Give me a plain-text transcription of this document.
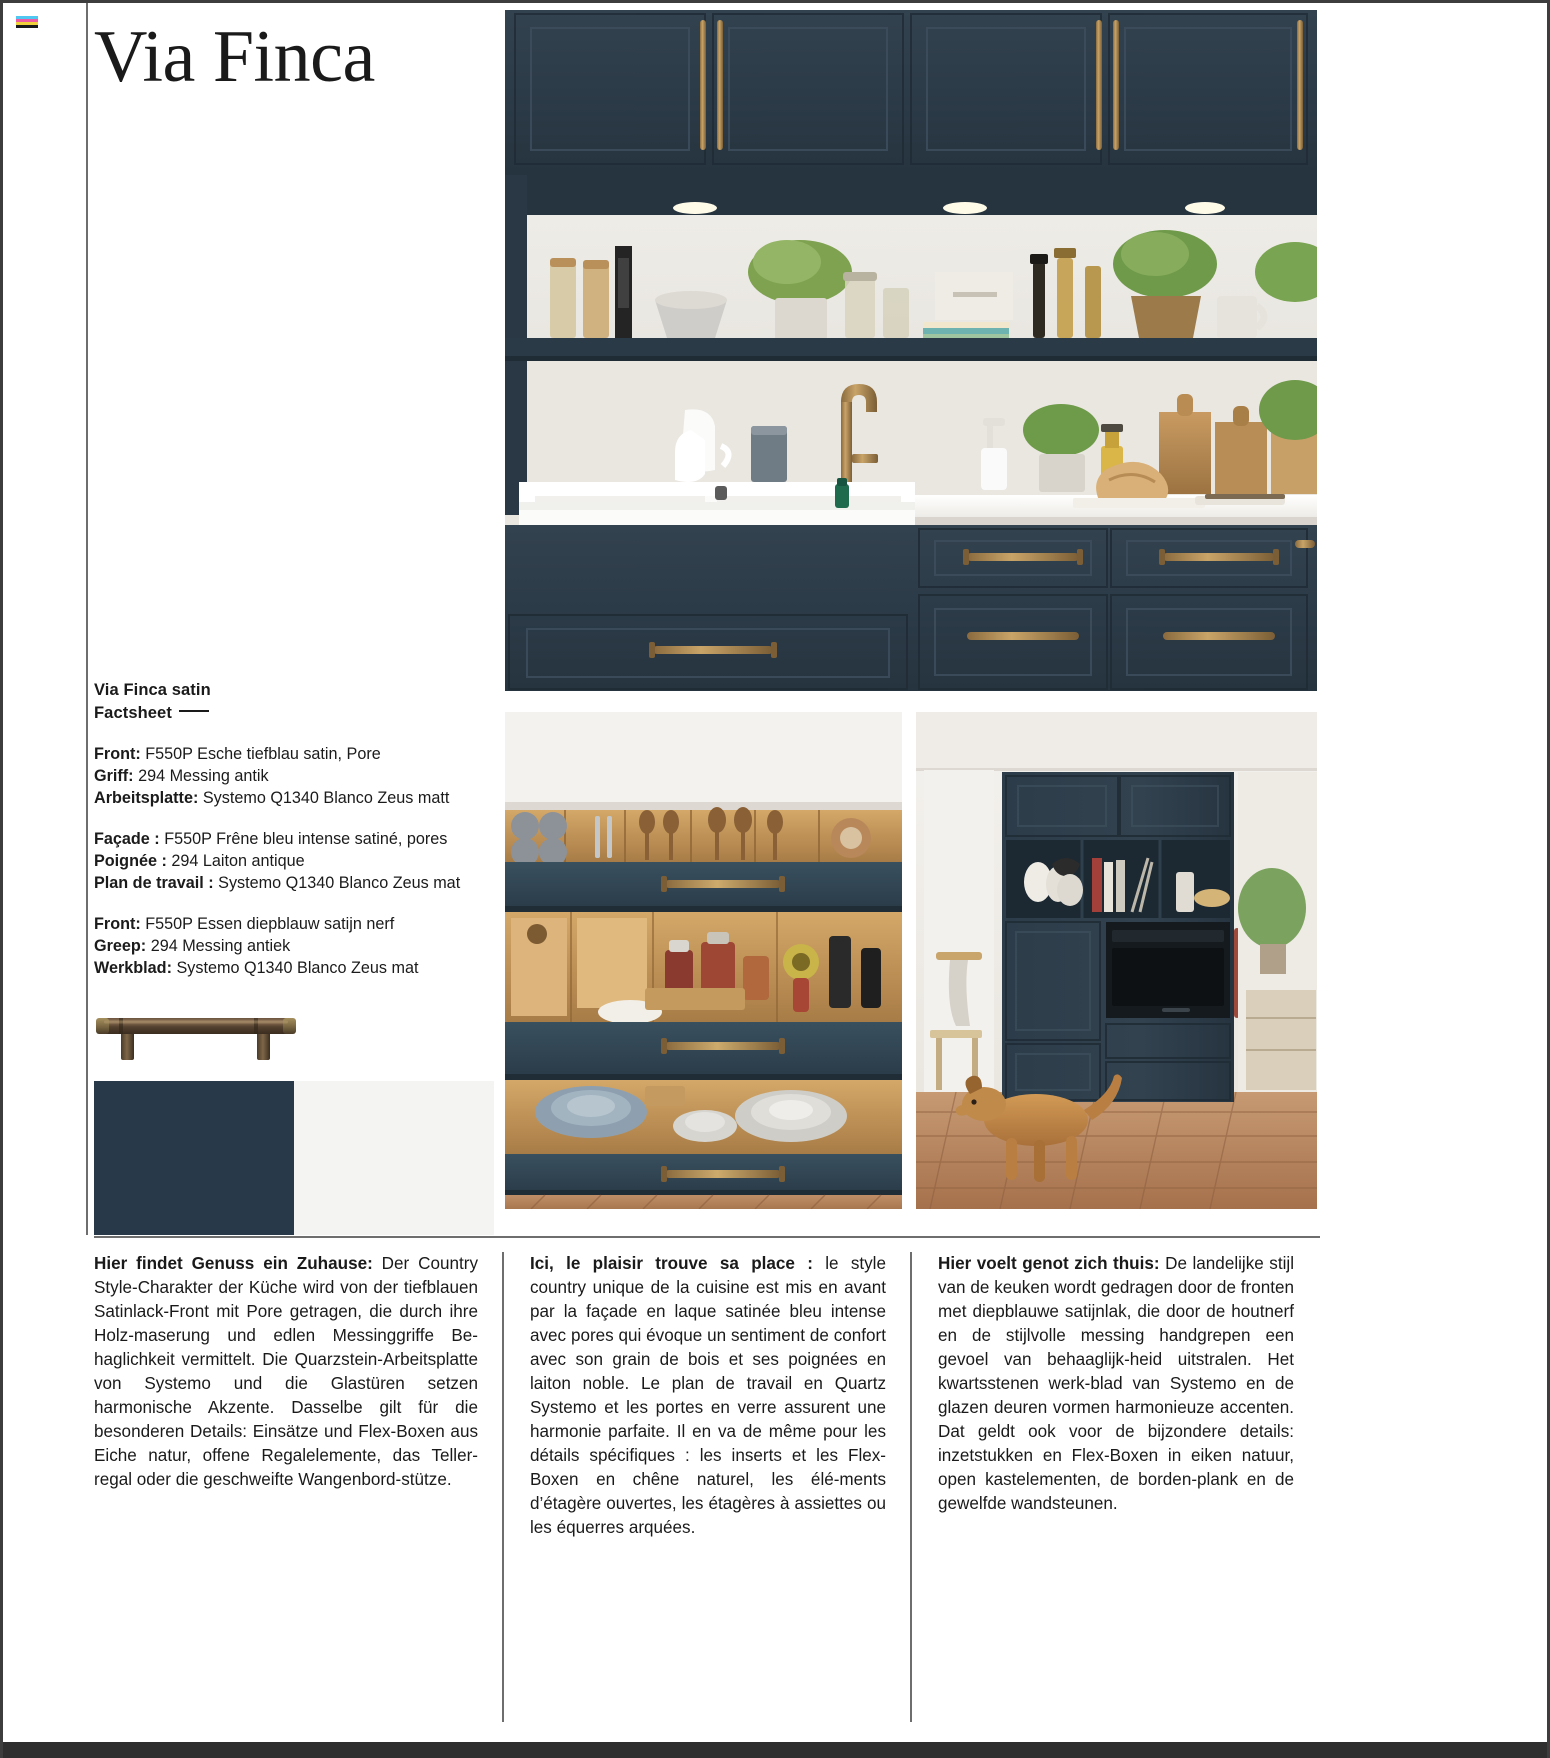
Via Finca
Via Finca satin
Factsheet
Front: F550P Esche tiefblau satin, Pore
Griff: 294 Messing antik
Arbeitsplatte: Systemo Q1340 Blanco Zeus matt
Façade : F550P Frêne bleu intense satiné, pores
Poignée : 294 Laiton antique
Plan de travail : Systemo Q1340 Blanco Zeus mat
Front: F550P Essen diepblauw satijn nerf
Greep: 294 Messing antiek
Werkblad: Systemo Q1340 Blanco Zeus mat
Hier findet Genuss ein Zuhause: Der Country Style-Charakter der Küche wird von der tiefblauen Satinlack-Front mit Pore getragen, die durch ihre Holz-maserung und edlen Messinggriffe Be-haglichkeit vermittelt. Die Quarzstein-Arbeitsplatte von Systemo und die Glastüren setzen harmonische Akzente. Dasselbe gilt für die besonderen Details: Einsätze und Flex-Boxen aus Eiche natur, offene Regalelemente, das Teller-regal oder die geschweifte Wangenbord-stütze.
Ici, le plaisir trouve sa place : le style country unique de la cuisine est mis en avant par la façade en laque satinée bleu intense avec pores qui évoque un sentiment de confort avec son grain de bois et ses poignées en laiton noble. Le plan de travail en Quartz Systemo et les portes en verre assurent une harmonie parfaite. Il en va de même pour les détails spécifiques : les inserts et les Flex-Boxen en chêne naturel, les élé-ments d’étagère ouvertes, les étagères à assiettes ou les équerres arquées.
Hier voelt genot zich thuis: De landelijke stijl van de keuken wordt gedragen door de fronten met diepblauwe satijnlak, die door de houtnerf en de stijlvolle messing handgrepen een gevoel van behaaglijk-heid uitstralen. Het kwartsstenen werk-blad van Systemo en de glazen deuren vormen harmonieuze accenten. Dat geldt ook voor de bijzondere details: inzetstukken en Flex-Boxen in eiken natuur, open kastelementen, de borden-plank en de gewelfde wandsteunen.
